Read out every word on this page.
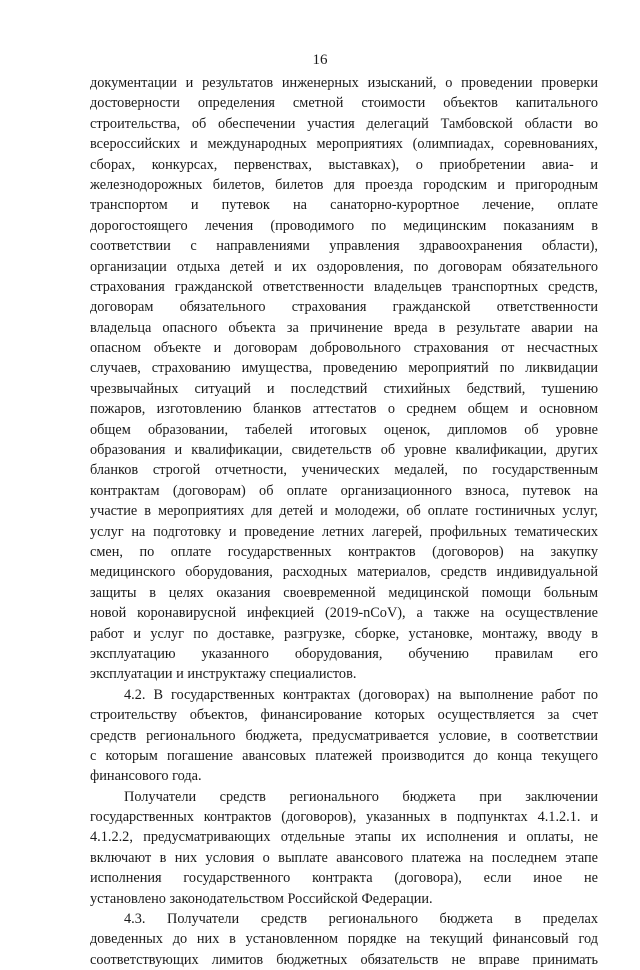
16
документации и результатов инженерных изысканий, о проведении проверки
достоверности определения сметной стоимости объектов капитального
строительства, об обеспечении участия делегаций Тамбовской области во
всероссийских и международных мероприятиях (олимпиадах, соревнованиях,
сборах, конкурсах, первенствах, выставках), о приобретении авиа- и
железнодорожных билетов, билетов для проезда городским и пригородным
транспортом и путевок на санаторно-курортное лечение, оплате
дорогостоящего лечения (проводимого по медицинским показаниям в
соответствии с направлениями управления здравоохранения области),
организации отдыха детей и их оздоровления, по договорам обязательного
страхования гражданской ответственности владельцев транспортных средств,
договорам обязательного страхования гражданской ответственности
владельца опасного объекта за причинение вреда в результате аварии на
опасном объекте и договорам добровольного страхования от несчастных
случаев, страхованию имущества, проведению мероприятий по ликвидации
чрезвычайных ситуаций и последствий стихийных бедствий, тушению
пожаров, изготовлению бланков аттестатов о среднем общем и основном
общем образовании, табелей итоговых оценок, дипломов об уровне
образования и квалификации, свидетельств об уровне квалификации, других
бланков строгой отчетности, ученических медалей, по государственным
контрактам (договорам) об оплате организационного взноса, путевок на
участие в мероприятиях для детей и молодежи, об оплате гостиничных услуг,
услуг на подготовку и проведение летних лагерей, профильных тематических
смен, по оплате государственных контрактов (договоров) на закупку
медицинского оборудования, расходных материалов, средств индивидуальной
защиты в целях оказания своевременной медицинской помощи больным
новой коронавирусной инфекцией (2019-nCoV), а также на осуществление
работ и услуг по доставке, разгрузке, сборке, установке, монтажу, вводу в
эксплуатацию указанного оборудования, обучению правилам его
эксплуатации и инструктажу специалистов.
4.2. В государственных контрактах (договорах) на выполнение работ по
строительству объектов, финансирование которых осуществляется за счет
средств регионального бюджета, предусматривается условие, в соответствии
с которым погашение авансовых платежей производится до конца текущего
финансового года.
Получатели средств регионального бюджета при заключении
государственных контрактов (договоров), указанных в подпунктах 4.1.2.1. и
4.1.2.2, предусматривающих отдельные этапы их исполнения и оплаты, не
включают в них условия о выплате авансового платежа на последнем этапе
исполнения государственного контракта (договора), если иное не
установлено законодательством Российской Федерации.
4.3. Получатели средств регионального бюджета в пределах
доведенных до них в установленном порядке на текущий финансовый год
соответствующих лимитов бюджетных обязательств не вправе принимать
